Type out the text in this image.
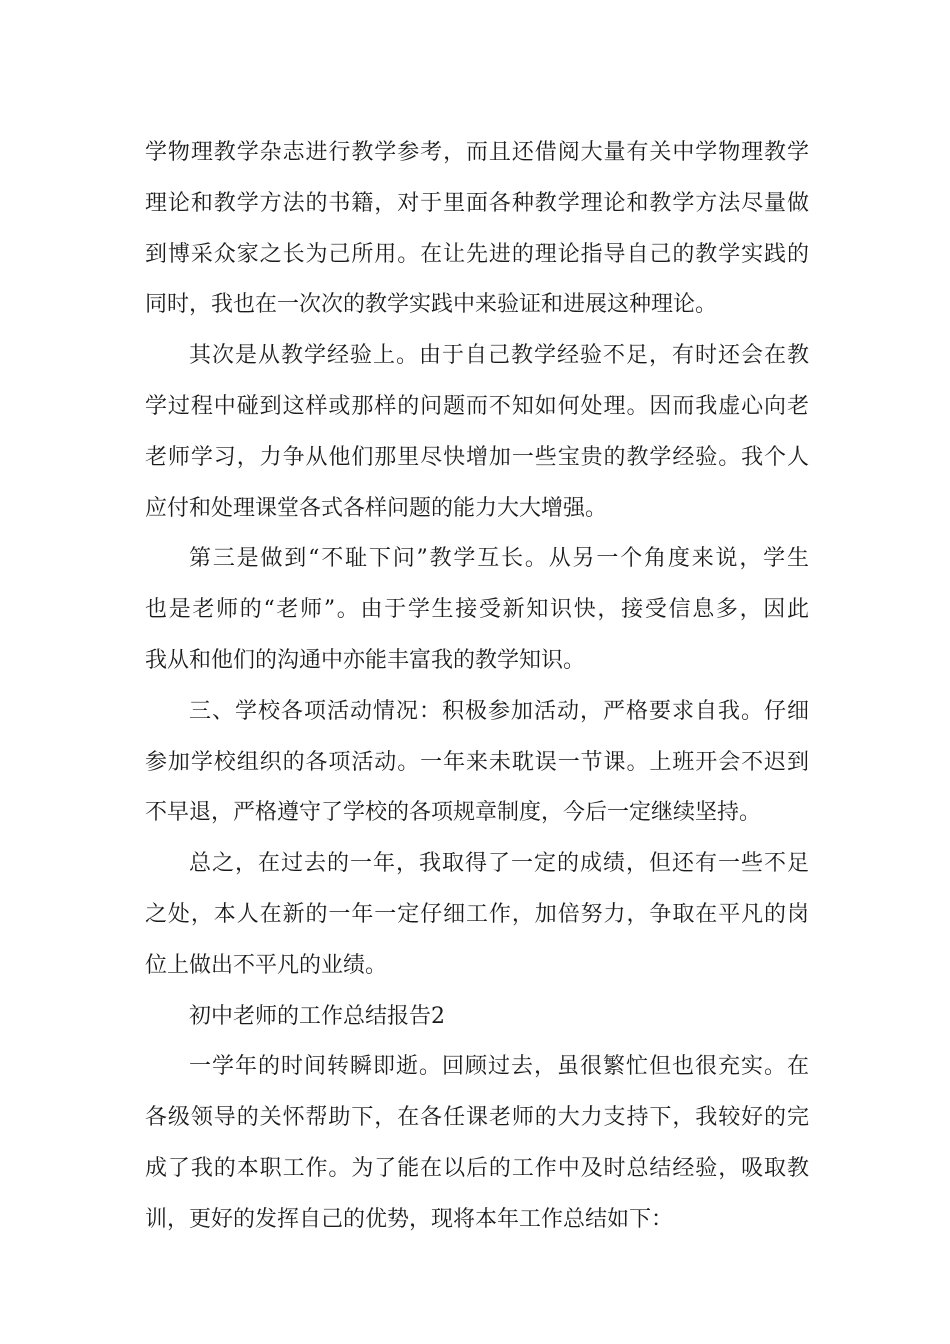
学物理教学杂志进行教学参考，而且还借阅大量有关中学物理教学
理论和教学方法的书籍，对于里面各种教学理论和教学方法尽量做
到博采众家之长为己所用。在让先进的理论指导自己的教学实践的
同时，我也在一次次的教学实践中来验证和进展这种理论。

其次是从教学经验上。由于自己教学经验不足，有时还会在教
学过程中碰到这样或那样的问题而不知如何处理。因而我虚心向老
老师学习，力争从他们那里尽快增加一些宝贵的教学经验。我个人
应付和处理课堂各式各样问题的能力大大增强。

第三是做到“不耻下问”教学互长。从另一个角度来说，学生
也是老师的“老师”。由于学生接受新知识快，接受信息多，因此
我从和他们的沟通中亦能丰富我的教学知识。

三、学校各项活动情况：积极参加活动，严格要求自我。仔细
参加学校组织的各项活动。一年来未耽误一节课。上班开会不迟到
不早退，严格遵守了学校的各项规章制度，今后一定继续坚持。

总之，在过去的一年，我取得了一定的成绩，但还有一些不足
之处，本人在新的一年一定仔细工作，加倍努力，争取在平凡的岗
位上做出不平凡的业绩。

初中老师的工作总结报告2

一学年的时间转瞬即逝。回顾过去，虽很繁忙但也很充实。在
各级领导的关怀帮助下，在各任课老师的大力支持下，我较好的完
成了我的本职工作。为了能在以后的工作中及时总结经验，吸取教
训，更好的发挥自己的优势，现将本年工作总结如下：
